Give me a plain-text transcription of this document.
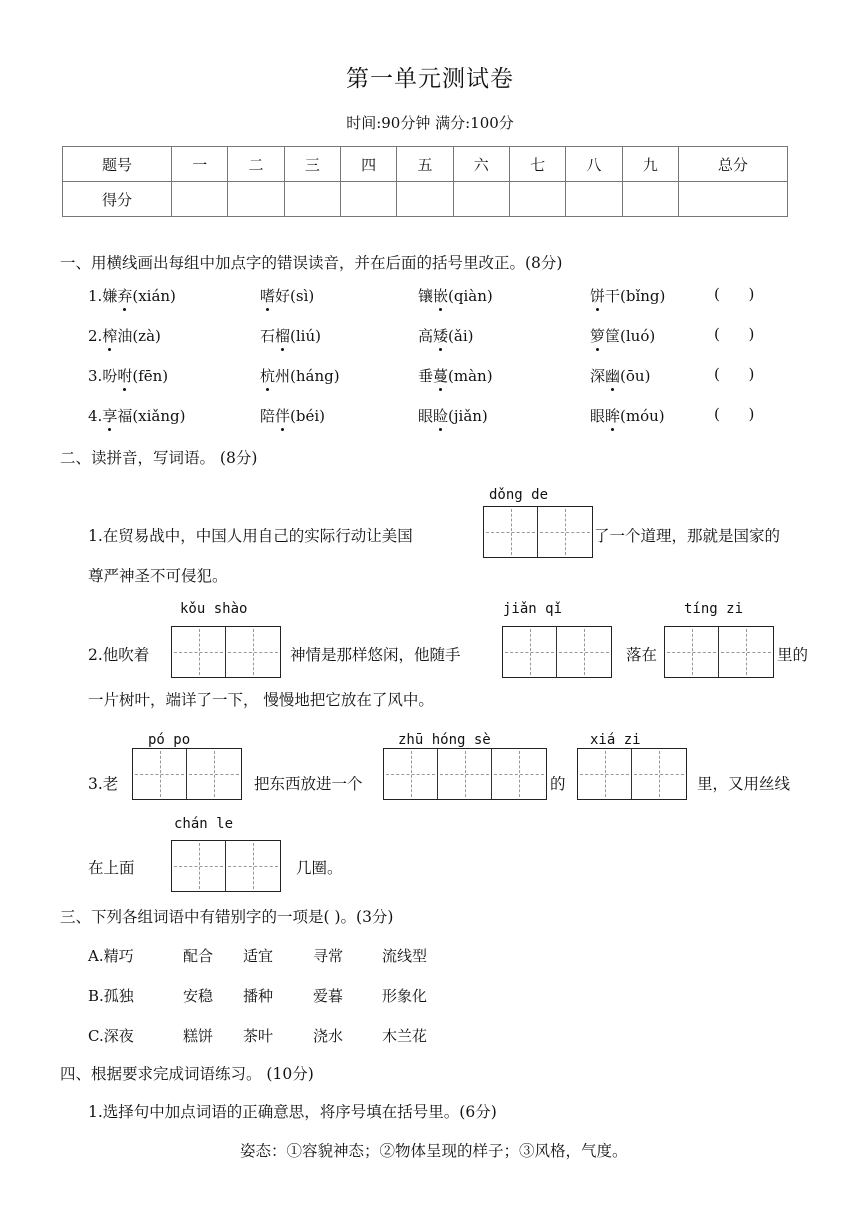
第一单元测试卷
时间:90分钟 满分:100分
题号	一	二	三	四	五	六	七	八	九	总分
得分										
一、用横线画出每组中加点字的错误读音，并在后面的括号里改正。(8分)
1.嫌弃(xián)	嗜好(sì)	镶嵌(qiàn)	饼干(bǐng)	(      )
2.榨油(zà)	石榴(liú)	高矮(ǎi)	箩筐(luó)	(      )
3.吩咐(fēn)	杭州(háng)	垂蔓(màn)	深幽(ōu)	(      )
4.享福(xiǎng)	陪伴(béi)	眼睑(jiǎn)	眼眸(móu)	(      )
二、读拼音，写词语。 (8分)
dǒng de
1.在贸易战中，中国人用自己的实际行动让美国	了一个道理，那就是国家的
尊严神圣不可侵犯。
kǒu shào	jiǎn qǐ	tíng zi
2.他吹着	神情是那样悠闲，他随手	落在	里的
一片树叶，端详了一下， 慢慢地把它放在了风中。
pó po	zhū hóng sè	xiá zi
3.老	把东西放进一个	的	里，又用丝线
chán le
在上面	几圈。
三、下列各组词语中有错别字的一项是( )。(3分)
A.精巧	配合 适宜	寻常	流线型
B.孤独	安稳 播种	爱暮	形象化
C.深夜	糕饼 茶叶	浇水	木兰花
四、根据要求完成词语练习。 (10分)
1.选择句中加点词语的正确意思，将序号填在括号里。(6分)
姿态：①容貌神态；②物体呈现的样子；③风格，气度。
